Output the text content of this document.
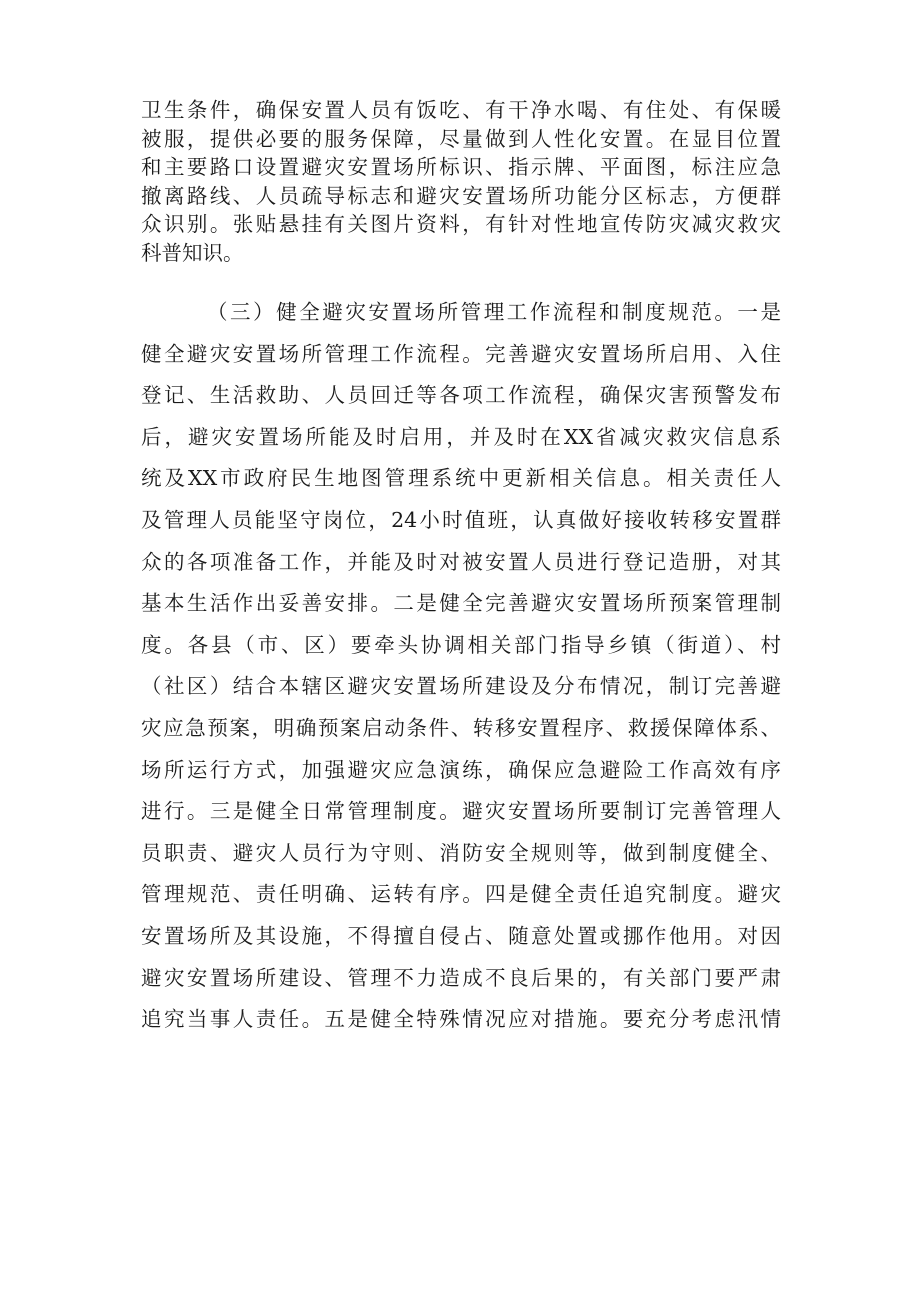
卫生条件，确保安置人员有饭吃、有干净水喝、有住处、有保暖
被服，提供必要的服务保障，尽量做到人性化安置。在显目位置
和主要路口设置避灾安置场所标识、指示牌、平面图，标注应急
撤离路线、人员疏导标志和避灾安置场所功能分区标志，方便群
众识别。张贴悬挂有关图片资料，有针对性地宣传防灾减灾救灾
科普知识。
（三）健全避灾安置场所管理工作流程和制度规范。一是
健全避灾安置场所管理工作流程。完善避灾安置场所启用、入住
登记、生活救助、人员回迁等各项工作流程，确保灾害预警发布
后，避灾安置场所能及时启用，并及时在XX省减灾救灾信息系
统及XX市政府民生地图管理系统中更新相关信息。相关责任人
及管理人员能坚守岗位，24小时值班，认真做好接收转移安置群
众的各项准备工作，并能及时对被安置人员进行登记造册，对其
基本生活作出妥善安排。二是健全完善避灾安置场所预案管理制
度。各县（市、区）要牵头协调相关部门指导乡镇（街道）、村
（社区）结合本辖区避灾安置场所建设及分布情况，制订完善避
灾应急预案，明确预案启动条件、转移安置程序、救援保障体系、
场所运行方式，加强避灾应急演练，确保应急避险工作高效有序
进行。三是健全日常管理制度。避灾安置场所要制订完善管理人
员职责、避灾人员行为守则、消防安全规则等，做到制度健全、
管理规范、责任明确、运转有序。四是健全责任追究制度。避灾
安置场所及其设施，不得擅自侵占、随意处置或挪作他用。对因
避灾安置场所建设、管理不力造成不良后果的，有关部门要严肃
追究当事人责任。五是健全特殊情况应对措施。要充分考虑汛情
